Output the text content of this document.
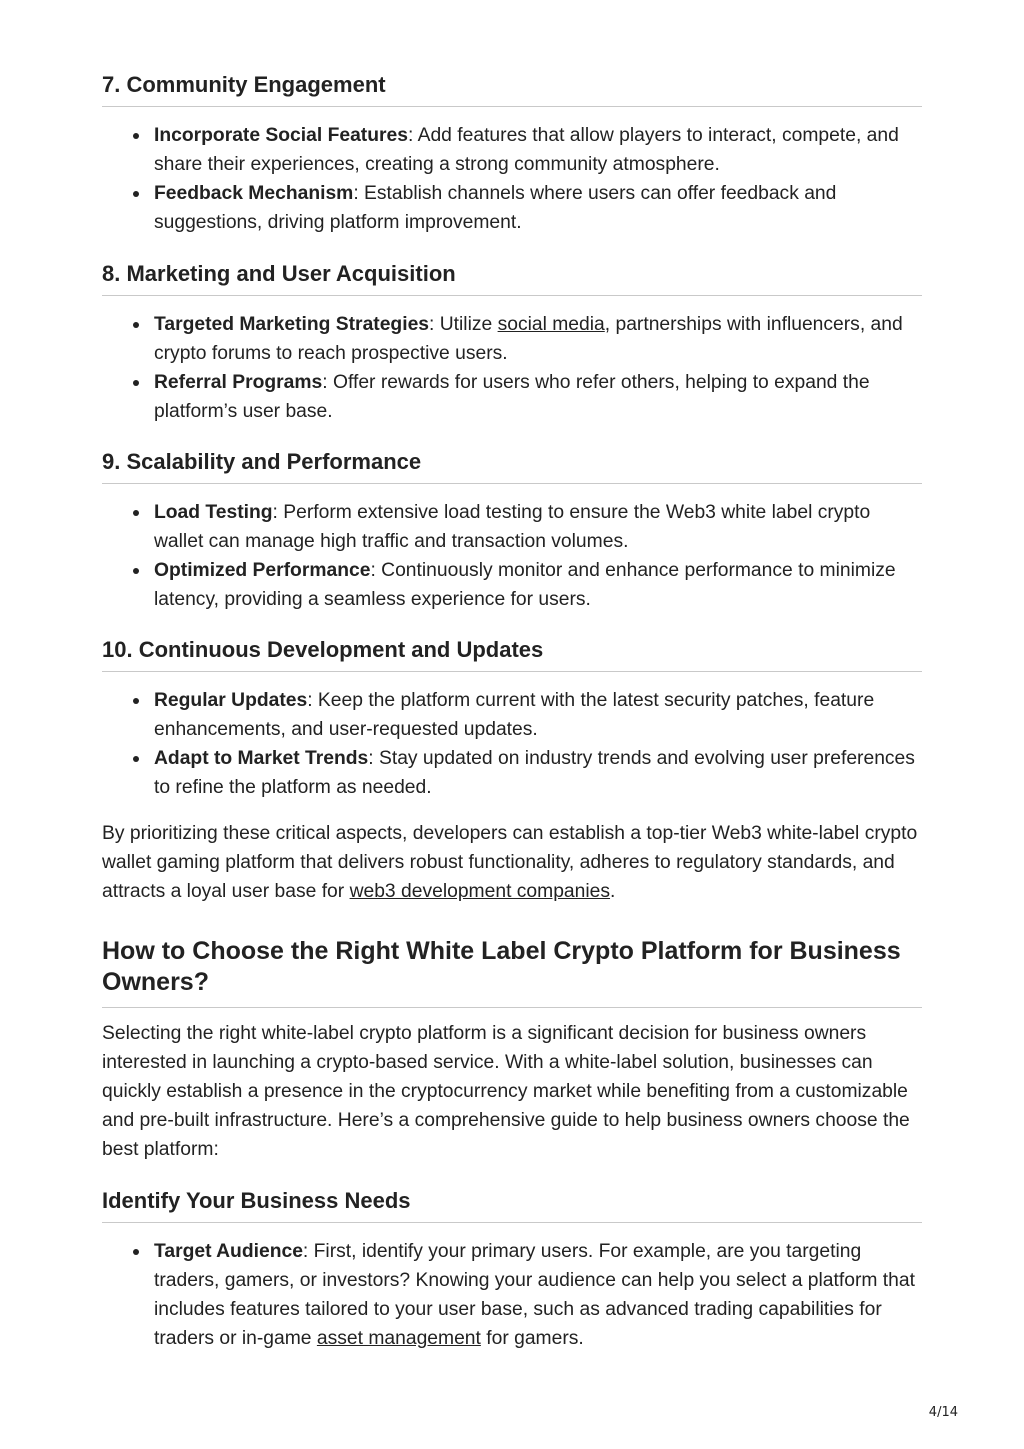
7. Community Engagement
Incorporate Social Features: Add features that allow players to interact, compete, and share their experiences, creating a strong community atmosphere.
Feedback Mechanism: Establish channels where users can offer feedback and suggestions, driving platform improvement.
8. Marketing and User Acquisition
Targeted Marketing Strategies: Utilize social media, partnerships with influencers, and crypto forums to reach prospective users.
Referral Programs: Offer rewards for users who refer others, helping to expand the platform’s user base.
9. Scalability and Performance
Load Testing: Perform extensive load testing to ensure the Web3 white label crypto wallet can manage high traffic and transaction volumes.
Optimized Performance: Continuously monitor and enhance performance to minimize latency, providing a seamless experience for users.
10. Continuous Development and Updates
Regular Updates: Keep the platform current with the latest security patches, feature enhancements, and user-requested updates.
Adapt to Market Trends: Stay updated on industry trends and evolving user preferences to refine the platform as needed.

By prioritizing these critical aspects, developers can establish a top-tier Web3 white-label crypto wallet gaming platform that delivers robust functionality, adheres to regulatory standards, and attracts a loyal user base for web3 development companies.

How to Choose the Right White Label Crypto Platform for Business Owners?

Selecting the right white-label crypto platform is a significant decision for business owners interested in launching a crypto-based service. With a white-label solution, businesses can quickly establish a presence in the cryptocurrency market while benefiting from a customizable and pre-built infrastructure. Here’s a comprehensive guide to help business owners choose the best platform:

Identify Your Business Needs
Target Audience: First, identify your primary users. For example, are you targeting traders, gamers, or investors? Knowing your audience can help you select a platform that includes features tailored to your user base, such as advanced trading capabilities for traders or in-game asset management for gamers.
4/14
